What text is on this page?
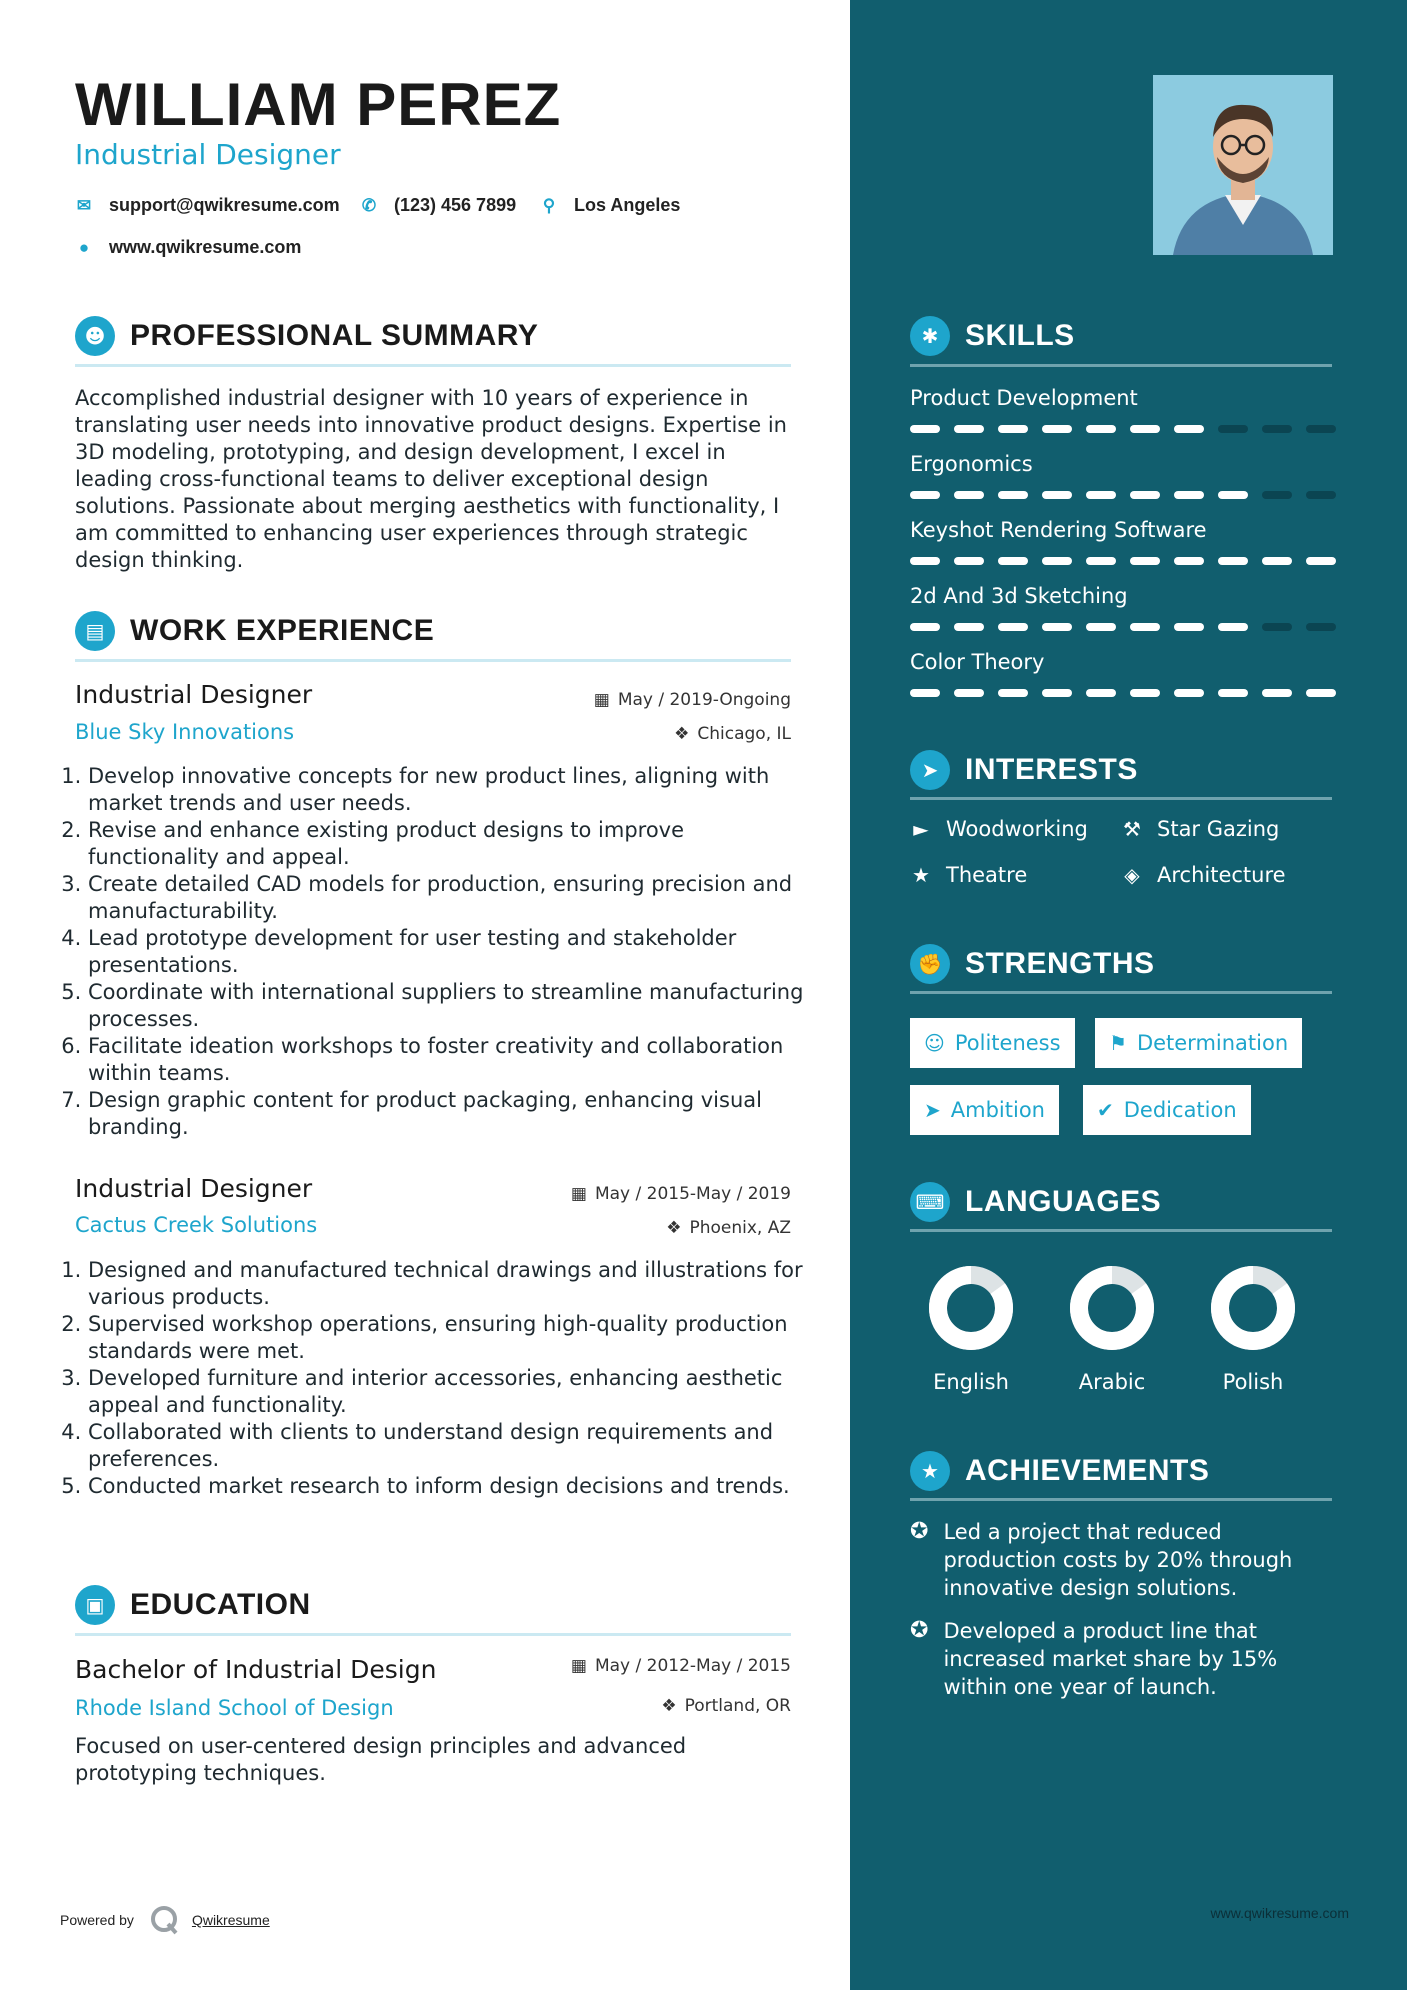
WILLIAM PEREZ
Industrial Designer
✉ support@qwikresume.com ✆ (123) 456 7899 ⚲ Los Angeles
● www.qwikresume.com
☻ PROFESSIONAL SUMMARY
Accomplished industrial designer with 10 years of experience in translating user needs into innovative product designs. Expertise in 3D modeling, prototyping, and design development, I excel in leading cross-functional teams to deliver exceptional design solutions. Passionate about merging aesthetics with functionality, I am committed to enhancing user experiences through strategic design thinking.
▤ WORK EXPERIENCE
Industrial Designer
Blue Sky Innovations
▦ May / 2019-Ongoing
❖ Chicago, IL
1. Develop innovative concepts for new product lines, aligning with market trends and user needs.
2. Revise and enhance existing product designs to improve functionality and appeal.
3. Create detailed CAD models for production, ensuring precision and manufacturability.
4. Lead prototype development for user testing and stakeholder presentations.
5. Coordinate with international suppliers to streamline manufacturing processes.
6. Facilitate ideation workshops to foster creativity and collaboration within teams.
7. Design graphic content for product packaging, enhancing visual branding.
Industrial Designer
Cactus Creek Solutions
▦ May / 2015-May / 2019
❖ Phoenix, AZ
1. Designed and manufactured technical drawings and illustrations for various products.
2. Supervised workshop operations, ensuring high-quality production standards were met.
3. Developed furniture and interior accessories, enhancing aesthetic appeal and functionality.
4. Collaborated with clients to understand design requirements and preferences.
5. Conducted market research to inform design decisions and trends.
▣ EDUCATION
Bachelor of Industrial Design
Rhode Island School of Design
▦ May / 2012-May / 2015
❖ Portland, OR
Focused on user-centered design principles and advanced prototyping techniques.
Powered by	Qwikresume	www.qwikresume.com
✱ SKILLS
Product Development
Ergonomics
Keyshot Rendering Software
2d And 3d Sketching
Color Theory
➤ INTERESTS
► Woodworking ⚒ Star Gazing
★ Theatre	◈ Architecture
✊ STRENGTHS
☺ Politeness ⚑ Determination
➤ Ambition	✔ Dedication
⌨ LANGUAGES
English	Arabic	Polish
★ ACHIEVEMENTS
✪ Led a project that reduced production costs by 20% through innovative design solutions.
✪ Developed a product line that increased market share by 15% within one year of launch.
